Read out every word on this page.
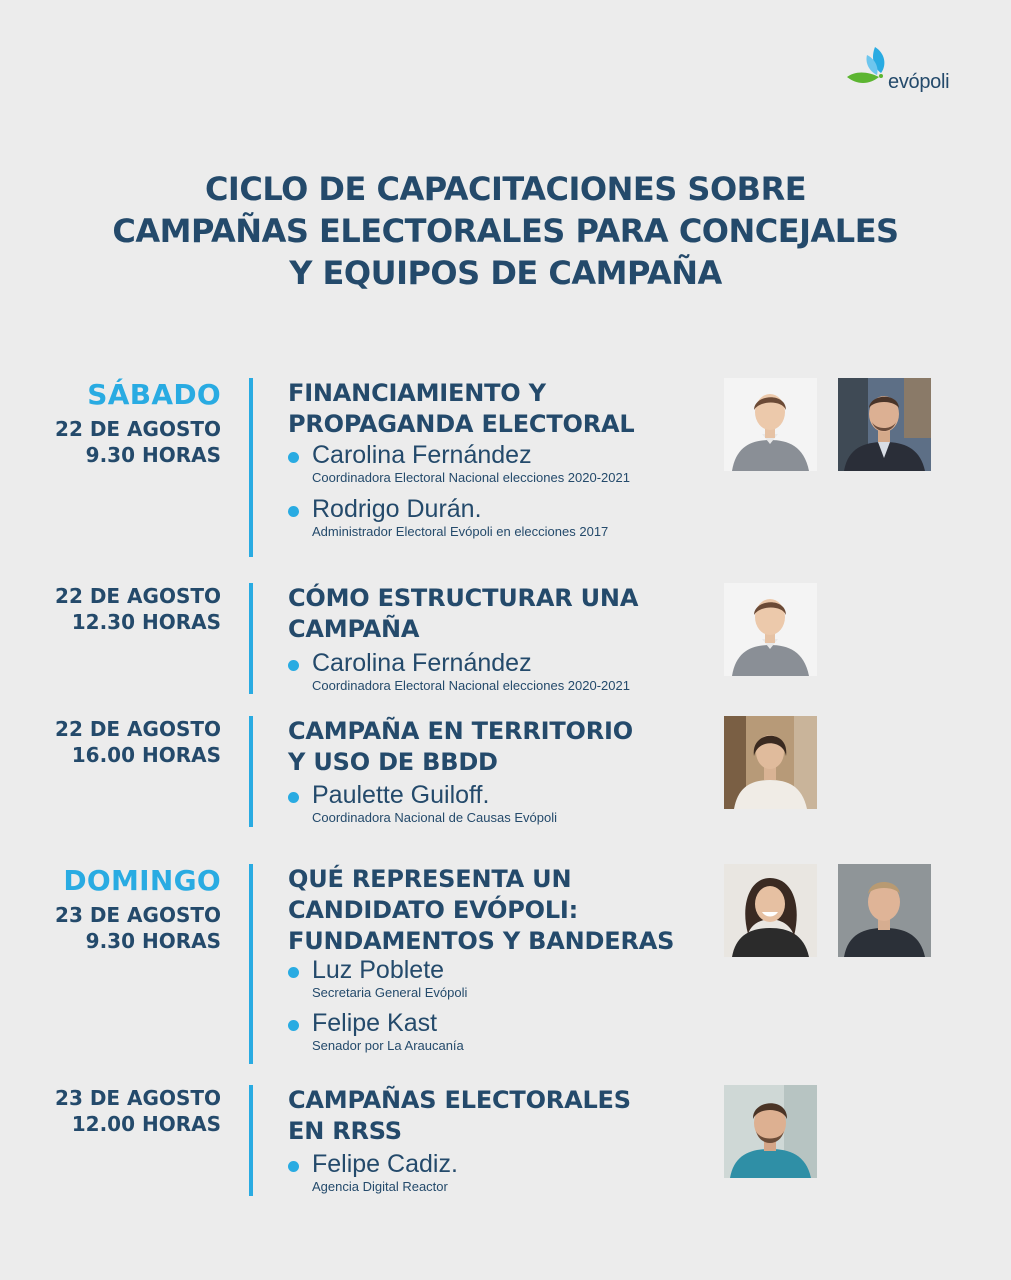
evópoli
CICLO DE CAPACITACIONES SOBRE
CAMPAÑAS ELECTORALES PARA CONCEJALES
Y EQUIPOS DE CAMPAÑA
SÁBADO
22 DE AGOSTO
9.30 HORAS
FINANCIAMIENTO Y
PROPAGANDA ELECTORAL
Carolina Fernández
Coordinadora Electoral Nacional elecciones 2020-2021
Rodrigo Durán.
Administrador Electoral Evópoli en elecciones 2017
22 DE AGOSTO
12.30 HORAS
CÓMO ESTRUCTURAR UNA
CAMPAÑA
Carolina Fernández
Coordinadora Electoral Nacional elecciones 2020-2021
22 DE AGOSTO
16.00 HORAS
CAMPAÑA EN TERRITORIO
Y USO DE BBDD
Paulette Guiloff.
Coordinadora Nacional de Causas Evópoli
DOMINGO
23 DE AGOSTO
9.30 HORAS
QUÉ REPRESENTA UN
CANDIDATO EVÓPOLI:
FUNDAMENTOS Y BANDERAS
Luz Poblete
Secretaria General Evópoli
Felipe Kast
Senador por La Araucanía
23 DE AGOSTO
12.00 HORAS
CAMPAÑAS ELECTORALES
EN RRSS
Felipe Cadiz.
Agencia Digital Reactor
